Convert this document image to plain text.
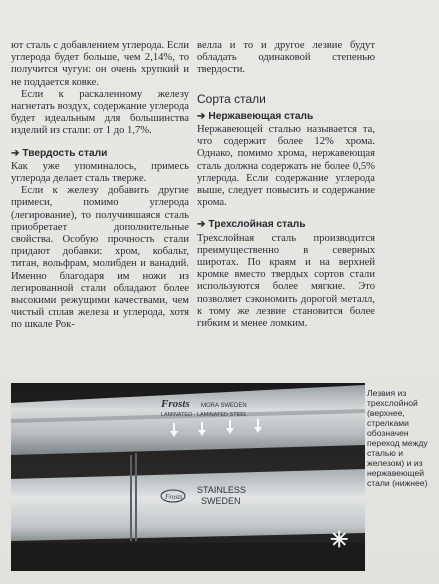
ют сталь с добавлением углерода. Если углерода будет больше, чем 2,14%, то получится чугун: он очень хрупкий и не поддается ковке.

Если к раскаленному железу нагнетать воздух, содержание углерода будет идеальным для большинства изделий из стали: от 1 до 1,7%.

➔ Твердость стали

Как уже упоминалось, примесь углерода делает сталь тверже.

Если к железу добавить другие примеси, помимо углерода (легирование), то получившаяся сталь приобретает дополнительные свойства. Особую прочность стали придают добавки: хром, кобальт, титан, вольфрам, молибден и ванадий. Именно благодаря им ножи из легированной стали обладают более высокими режущими качествами, чем чистый сплав железа и углерода, хотя по шкале Рок-

велла и то и другое лезвие будут обладать одинаковой степенью твердости.

Сорта стали
➔ Нержавеющая сталь

Нержавеющей сталью называется та, что содержит более 12% хрома. Однако, помимо хрома, нержавеющая сталь должна содержать не более 0,5% углерода. Если содержание углерода выше, следует повысить и содержание хрома.

➔ Трехслойная сталь

Трехслойная сталь производится преимущественно в северных широтах. По краям и на верхней кромке вместо твердых сортов стали используются более мягкие. Это позволяет сэкономить дорогой металл, к тому же лезвие становится более гибким и менее ломким.

Frosts MORA SWEDEN
LAMINATED · LAMINATED STEEL
Frosts
STAINLESS
SWEDEN
Лезвия из трехслойной (верхнее, стрелками обозначен переход между сталью и железом) и из нержавеющей стали (нижнее)
✳
